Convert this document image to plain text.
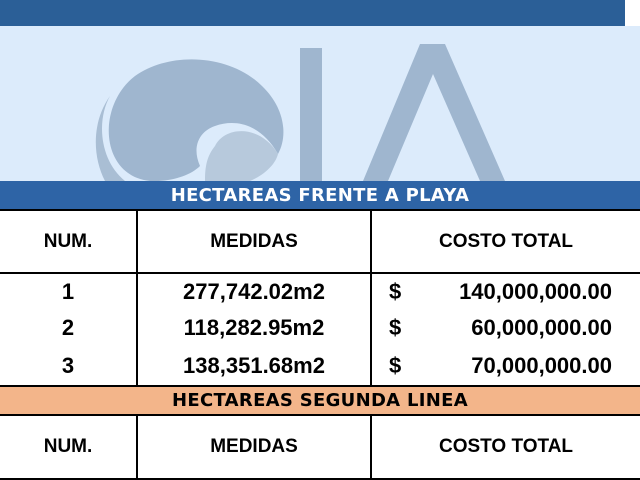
HECTAREAS FRENTE A PLAYA
NUM.	MEDIDAS	COSTO TOTAL
1	277,742.02m2	$	140,000,000.00
2	118,282.95m2	$	60,000,000.00
3	138,351.68m2	$	70,000,000.00
HECTAREAS SEGUNDA LINEA
NUM.	MEDIDAS	COSTO TOTAL
